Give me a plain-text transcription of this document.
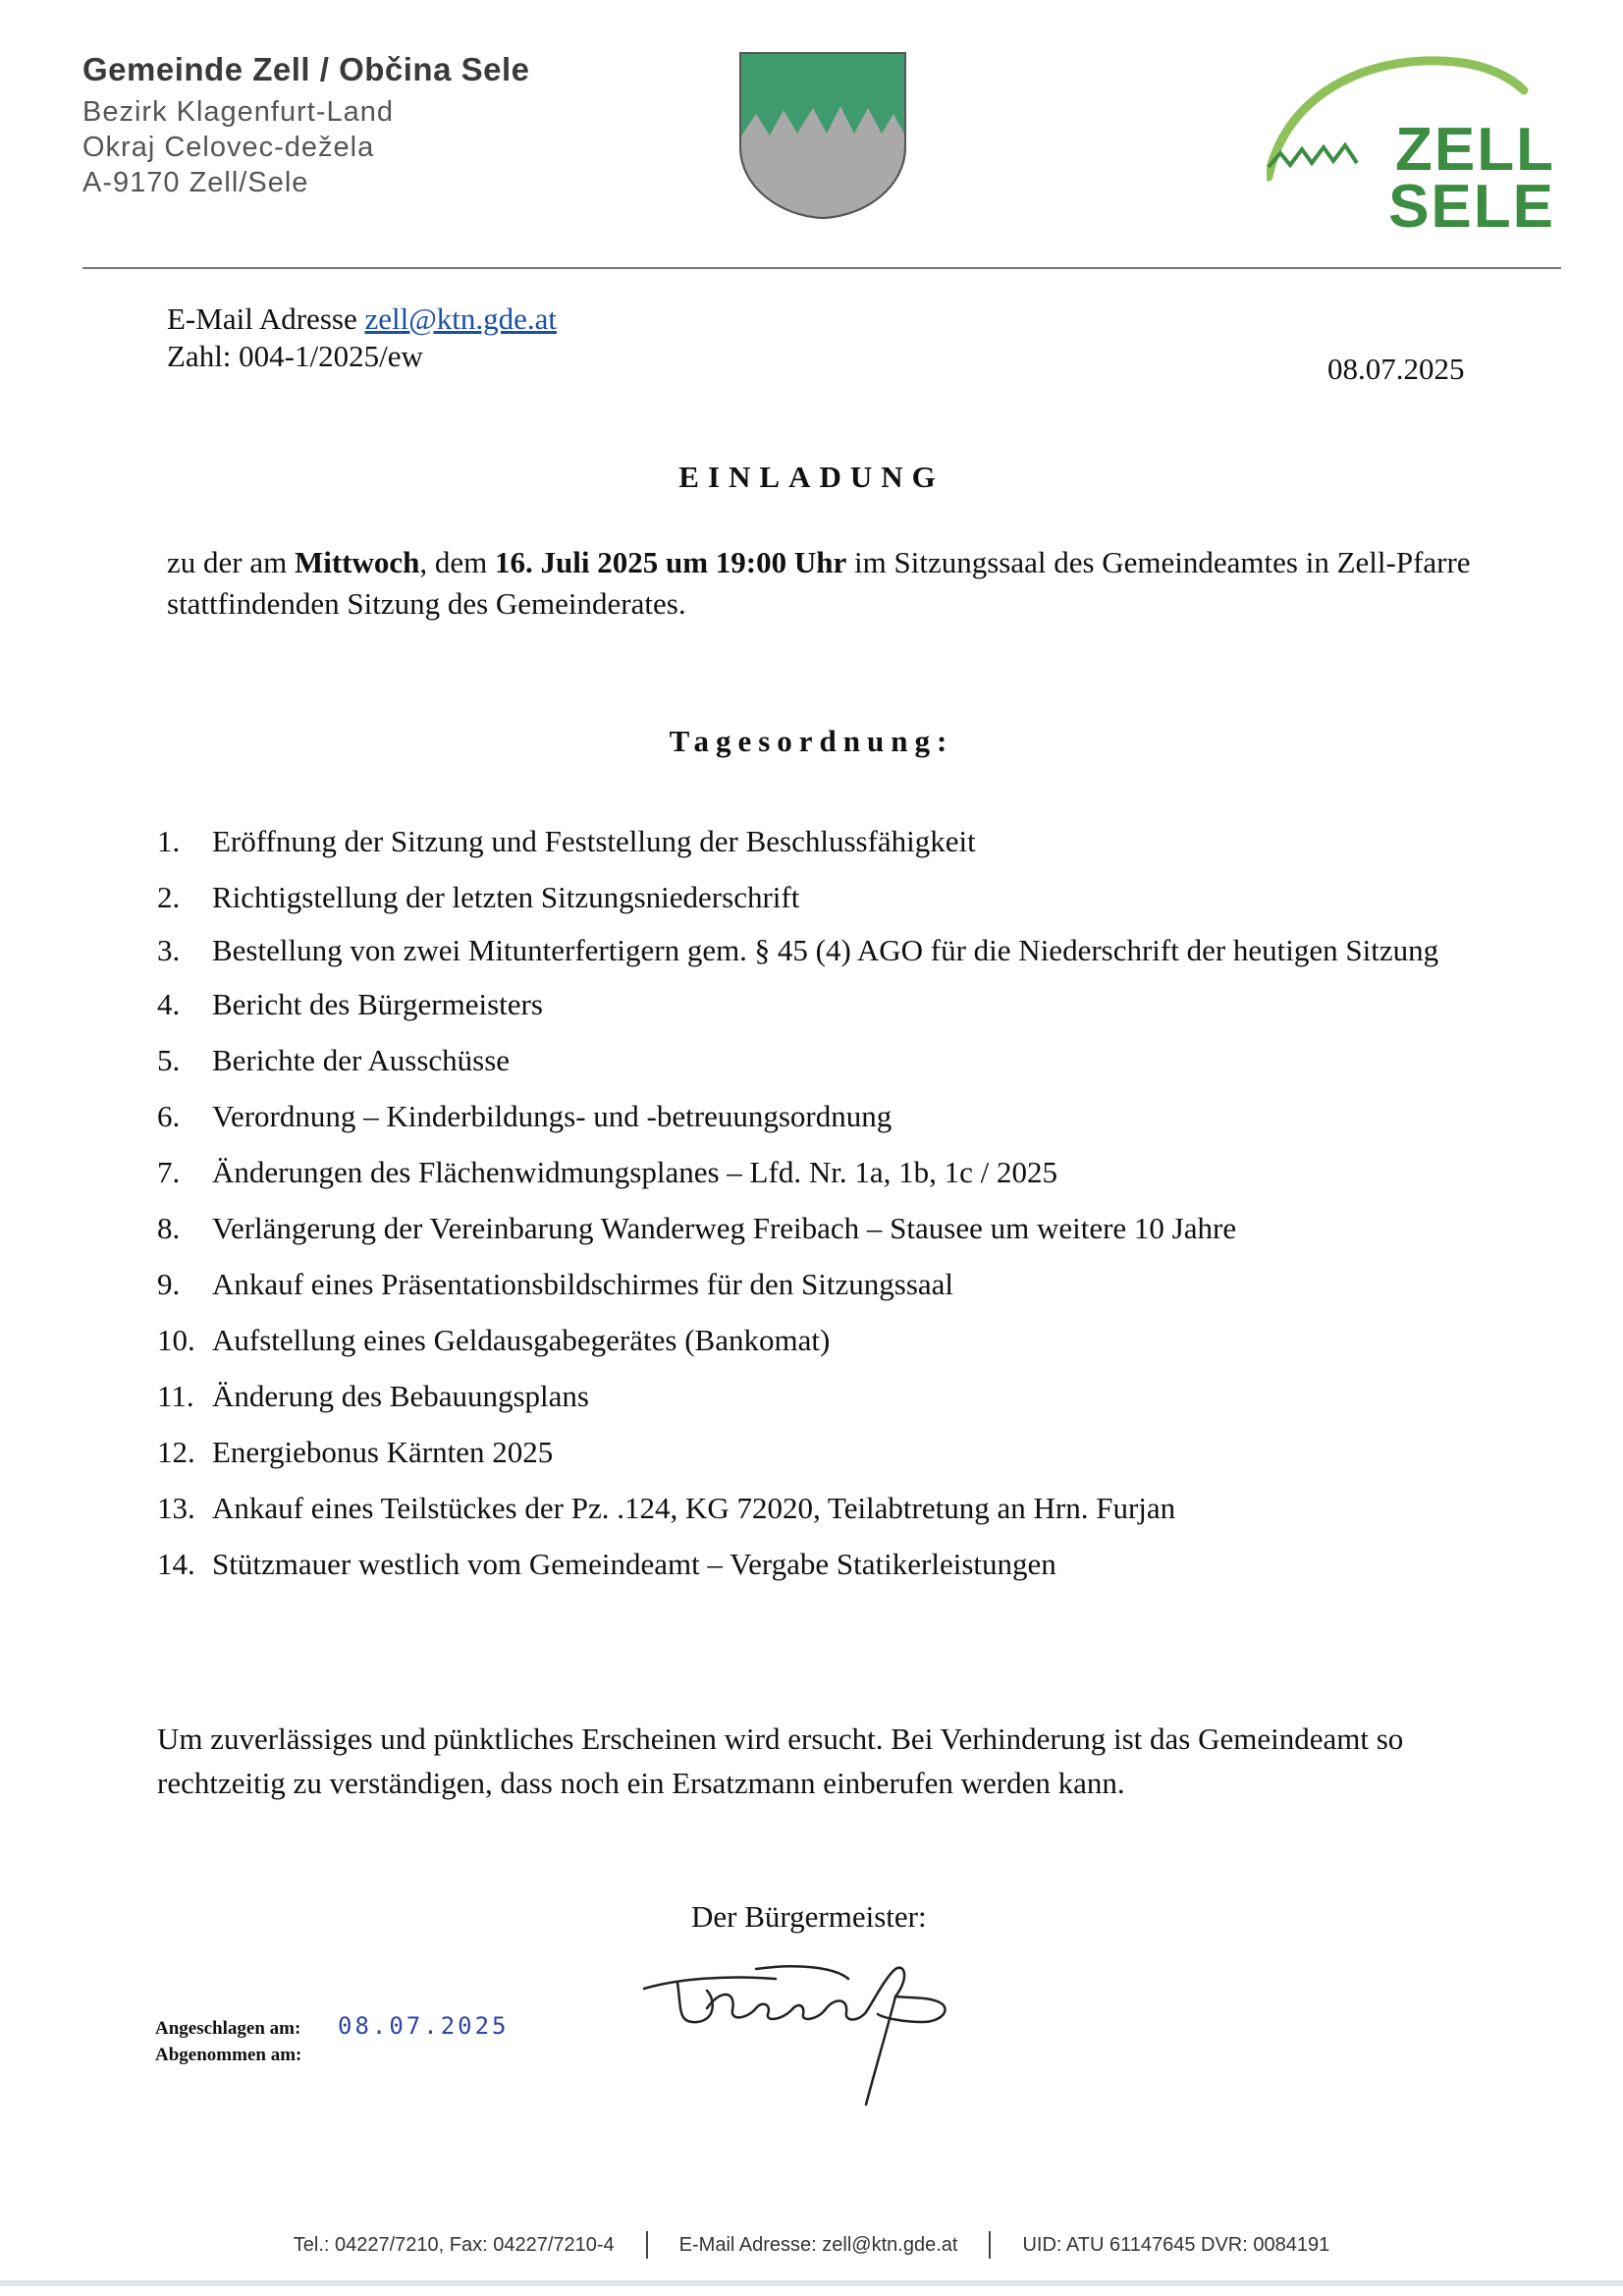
Gemeinde Zell / Občina Sele
Bezirk Klagenfurt-Land
Okraj Celovec-dežela
A-9170 Zell/Sele	ZELL
SELE
E-Mail Adresse zell@ktn.gde.at
Zahl: 004-1/2025/ew	08.07.2025
EINLADUNG
zu der am Mittwoch, dem 16. Juli 2025 um 19:00 Uhr im Sitzungssaal des Gemeindeamtes in Zell-Pfarre stattfindenden Sitzung des Gemeinderates.
Tagesordnung:
1. Eröffnung der Sitzung und Feststellung der Beschlussfähigkeit
2. Richtigstellung der letzten Sitzungsniederschrift
3. Bestellung von zwei Mitunterfertigern gem. § 45 (4) AGO für die Niederschrift der heutigen Sitzung
4. Bericht des Bürgermeisters
5. Berichte der Ausschüsse
6. Verordnung – Kinderbildungs- und -betreuungsordnung
7. Änderungen des Flächenwidmungsplanes – Lfd. Nr. 1a, 1b, 1c / 2025
8. Verlängerung der Vereinbarung Wanderweg Freibach – Stausee um weitere 10 Jahre
9. Ankauf eines Präsentationsbildschirmes für den Sitzungssaal
10. Aufstellung eines Geldausgabegerätes (Bankomat)
11. Änderung des Bebauungsplans
12. Energiebonus Kärnten 2025
13. Ankauf eines Teilstückes der Pz. .124, KG 72020, Teilabtretung an Hrn. Furjan
14. Stützmauer westlich vom Gemeindeamt – Vergabe Statikerleistungen
Um zuverlässiges und pünktliches Erscheinen wird ersucht. Bei Verhinderung ist das Gemeindeamt so rechtzeitig zu verständigen, dass noch ein Ersatzmann einberufen werden kann.
Der Bürgermeister:
Angeschlagen am:	08.07.2025
Abgenommen am:
Tel.: 04227/7210, Fax: 04227/7210-4	E-Mail Adresse: zell@ktn.gde.at	UID: ATU 61147645 DVR: 0084191
